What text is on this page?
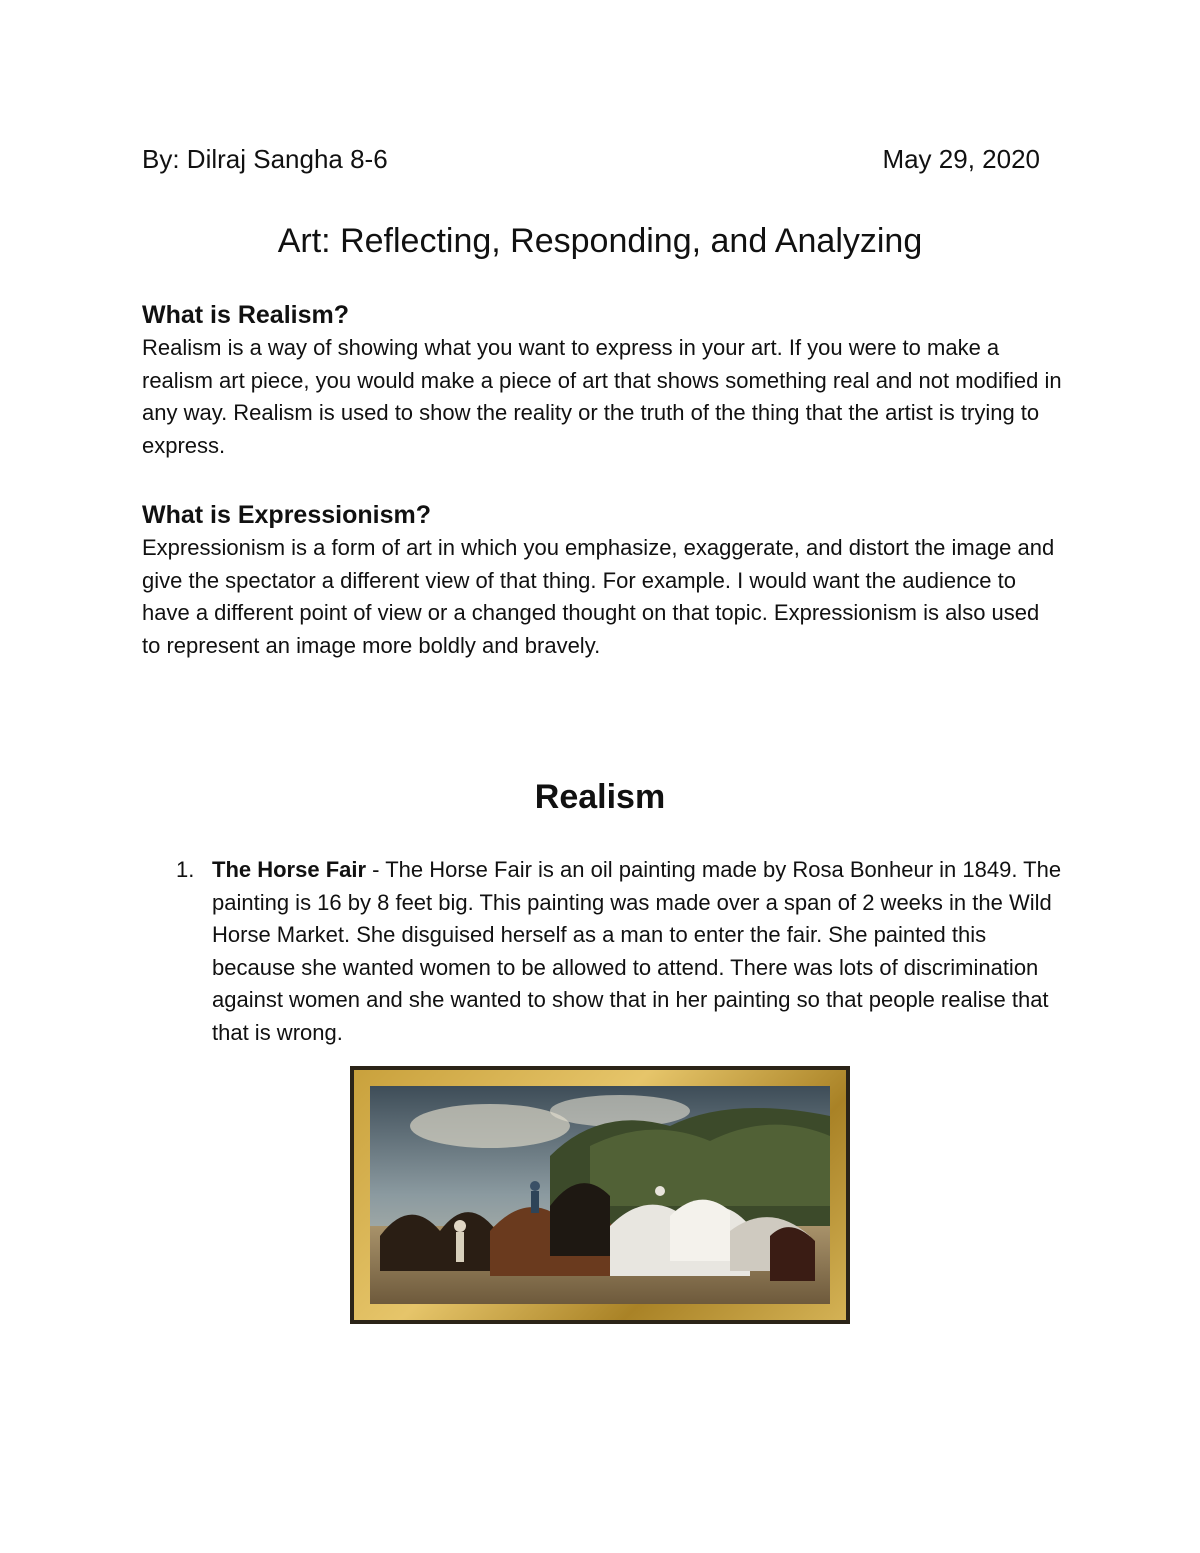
By: Dilraj Sangha 8-6	May 29, 2020
Art: Reflecting, Responding, and Analyzing
What is Realism?

Realism is a way of showing what you want to express in your art. If you were to make a realism art piece, you would make a piece of art that shows something real and not modified in any way. Realism is used to show the reality or the truth of the thing that the artist is trying to express.

What is Expressionism?

Expressionism is a form of art in which you emphasize, exaggerate, and distort the image and give the spectator a different view of that thing. For example. I would want the audience to have a different point of view or a changed thought on that topic. Expressionism is also used to represent an image more boldly and bravely.

Realism
1. The Horse Fair - The Horse Fair is an oil painting made by Rosa Bonheur in 1849. The painting is 16 by 8 feet big. This painting was made over a span of 2 weeks in the Wild Horse Market. She disguised herself as a man to enter the fair. She painted this because she wanted women to be allowed to attend. There was lots of discrimination against women and she wanted to show that in her painting so that people realise that that is wrong.
